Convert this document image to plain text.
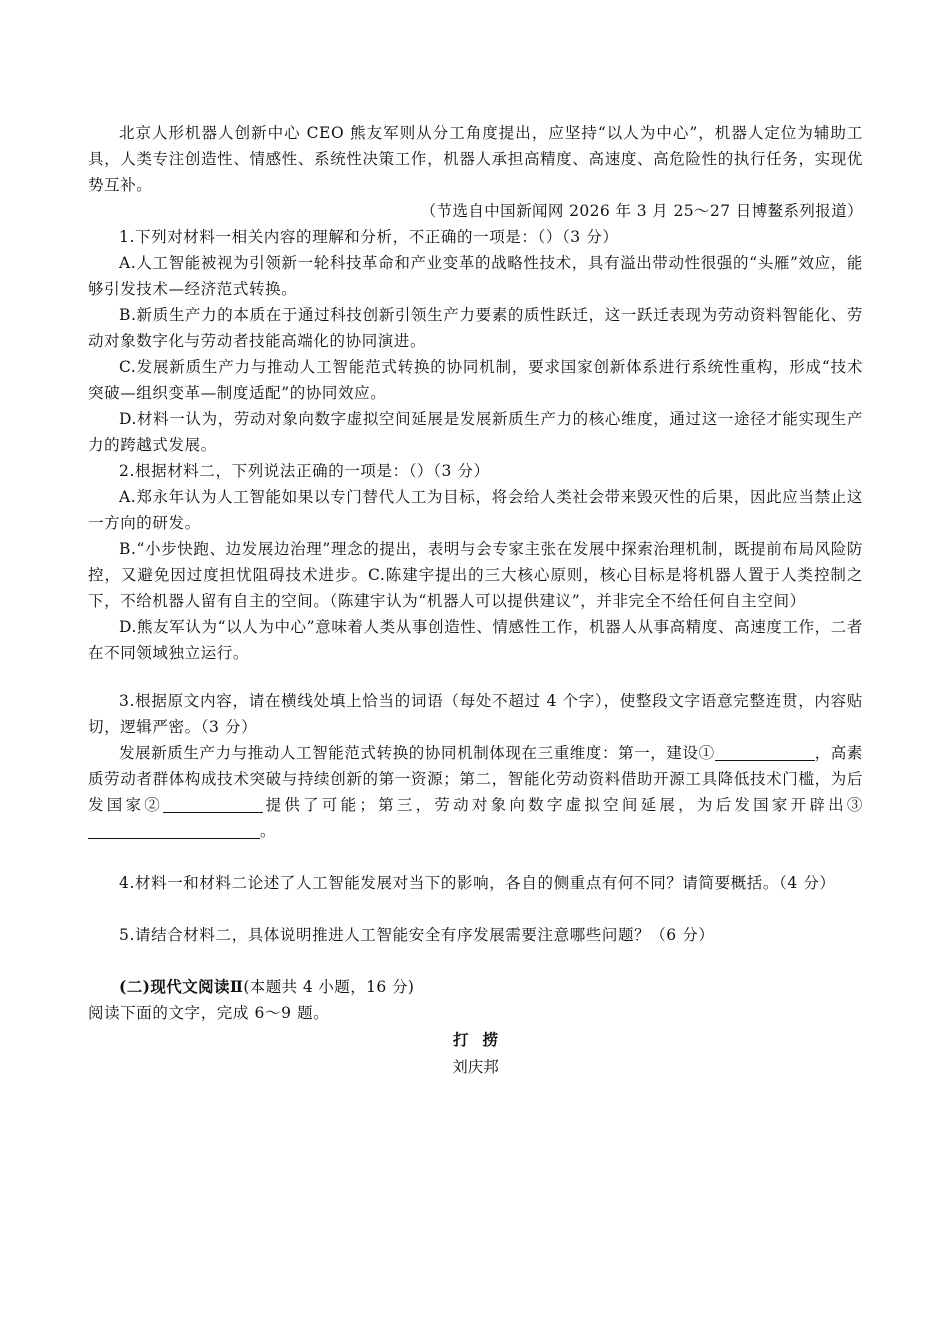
北京人形机器人创新中心 CEO 熊友军则从分工角度提出，应坚持“以人为中心”，机器人定位为辅助工具，人类专注创造性、情感性、系统性决策工作，机器人承担高精度、高速度、高危险性的执行任务，实现优势互补。

（节选自中国新闻网 2026 年 3 月 25～27 日博鳌系列报道）

1.下列对材料一相关内容的理解和分析，不正确的一项是：（）（3 分）

A.人工智能被视为引领新一轮科技革命和产业变革的战略性技术，具有溢出带动性很强的“头雁”效应，能够引发技术—经济范式转换。

B.新质生产力的本质在于通过科技创新引领生产力要素的质性跃迁，这一跃迁表现为劳动资料智能化、劳动对象数字化与劳动者技能高端化的协同演进。

C.发展新质生产力与推动人工智能范式转换的协同机制，要求国家创新体系进行系统性重构，形成“技术突破—组织变革—制度适配”的协同效应。

D.材料一认为，劳动对象向数字虚拟空间延展是发展新质生产力的核心维度，通过这一途径才能实现生产力的跨越式发展。

2.根据材料二，下列说法正确的一项是：（）（3 分）

A.郑永年认为人工智能如果以专门替代人工为目标，将会给人类社会带来毁灭性的后果，因此应当禁止这一方向的研发。

B.“小步快跑、边发展边治理”理念的提出，表明与会专家主张在发展中探索治理机制，既提前布局风险防控，又避免因过度担忧阻碍技术进步。C.陈建宇提出的三大核心原则，核心目标是将机器人置于人类控制之下，不给机器人留有自主的空间。（陈建宇认为“机器人可以提供建议”，并非完全不给任何自主空间）

D.熊友军认为“以人为中心”意味着人类从事创造性、情感性工作，机器人从事高精度、高速度工作，二者在不同领域独立运行。

3.根据原文内容，请在横线处填上恰当的词语（每处不超过 4 个字），使整段文字语意完整连贯，内容贴切，逻辑严密。（3 分）

发展新质生产力与推动人工智能范式转换的协同机制体现在三重维度：第一，建设①	，高素质劳动者群体构成技术突破与持续创新的第一资源；第二，智能化劳动资料借助开源工具降低技术门槛，为后发国家②	提供了可能；第三，劳动对象向数字虚拟空间延展，为后发国家开辟出③。

4.材料一和材料二论述了人工智能发展对当下的影响，各自的侧重点有何不同？请简要概括。（4 分）

5.请结合材料二，具体说明推进人工智能安全有序发展需要注意哪些问题？（6 分）

(二)现代文阅读Ⅱ(本题共 4 小题，16 分)

阅读下面的文字，完成 6～9 题。

打捞

刘庆邦
